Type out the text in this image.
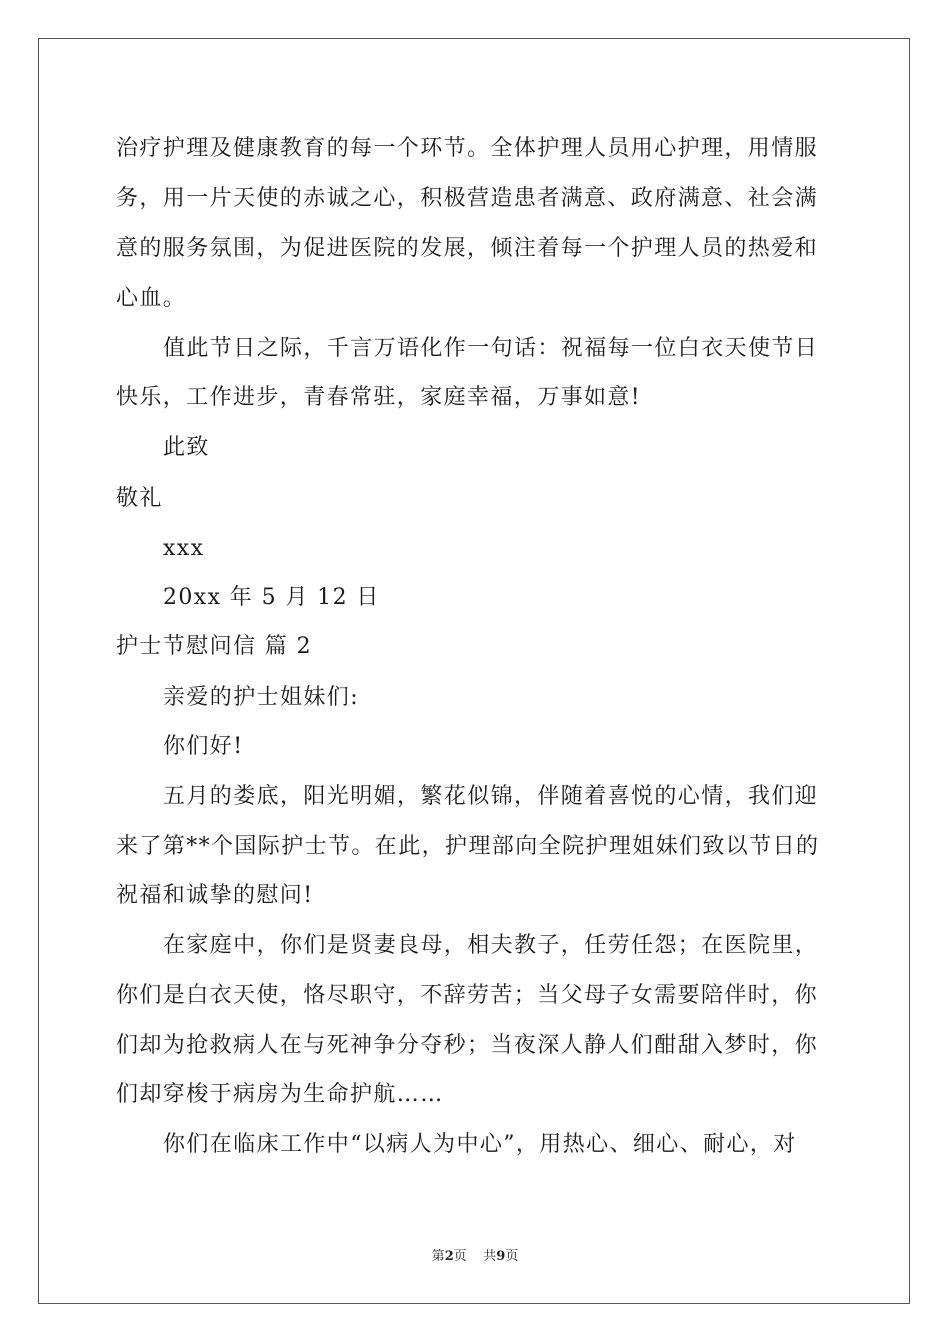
治疗护理及健康教育的每一个环节。全体护理人员用心护理，用情服
务，用一片天使的赤诚之心，积极营造患者满意、政府满意、社会满
意的服务氛围，为促进医院的发展，倾注着每一个护理人员的热爱和
心血。
值此节日之际，千言万语化作一句话：祝福每一位白衣天使节日
快乐，工作进步，青春常驻，家庭幸福，万事如意!
此致
敬礼
xxx
20xx 年 5 月 12 日
护士节慰问信 篇 2
亲爱的护士姐妹们:
你们好!
五月的娄底，阳光明媚，繁花似锦，伴随着喜悦的心情，我们迎
来了第**个国际护士节。在此，护理部向全院护理姐妹们致以节日的
祝福和诚挚的慰问!
在家庭中，你们是贤妻良母，相夫教子，任劳任怨；在医院里，
你们是白衣天使，恪尽职守，不辞劳苦；当父母子女需要陪伴时，你
们却为抢救病人在与死神争分夺秒；当夜深人静人们酣甜入梦时，你
们却穿梭于病房为生命护航……
你们在临床工作中“以病人为中心”，用热心、细心、耐心，对
第2页    共9页
